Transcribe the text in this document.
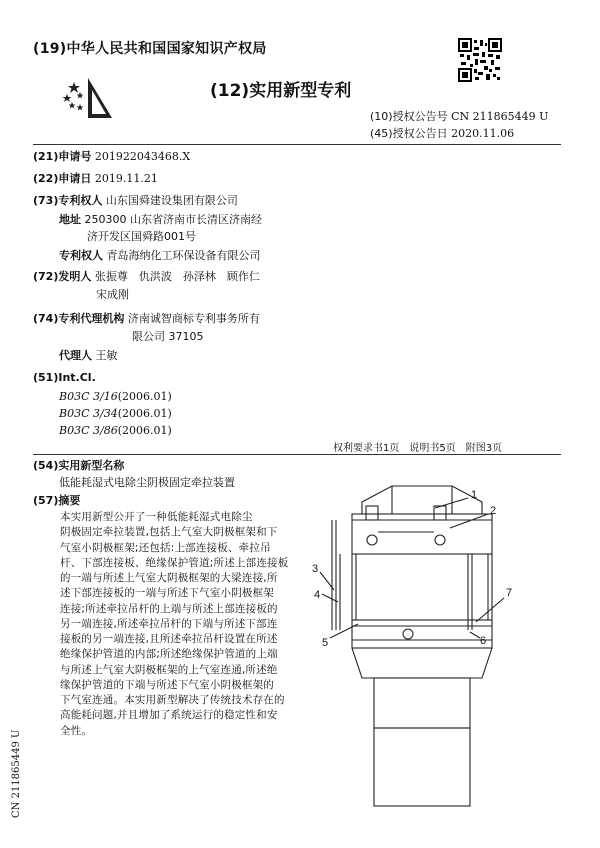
(19)中华人民共和国国家知识产权局
(12)实用新型专利
(10)授权公告号 CN 211865449 U
(45)授权公告日 2020.11.06
(21)申请号 201922043468.X
(22)申请日 2019.11.21
(73)专利权人 山东国舜建设集团有限公司
地址 250300 山东省济南市长清区济南经
济开发区国舜路001号
专利权人 青岛海纳化工环保设备有限公司
(72)发明人 张振尊　仇洪波　孙泽林　顾作仁
宋成刚
(74)专利代理机构 济南诚智商标专利事务所有
限公司 37105
代理人 王敏
(51)Int.Cl.
B03C 3/16(2006.01)
B03C 3/34(2006.01)
B03C 3/86(2006.01)
权利要求书1页　说明书5页　附图3页
(54)实用新型名称
低能耗湿式电除尘阴极固定牵拉装置
(57)摘要
本实用新型公开了一种低能耗湿式电除尘
阴极固定牵拉装置,包括上气室大阴极框架和下
气室小阴极框架;还包括:上部连接板、牵拉吊
杆、下部连接板、绝缘保护管道;所述上部连接板
的一端与所述上气室大阴极框架的大梁连接,所
述下部连接板的一端与所述下气室小阴极框架
连接;所述牵拉吊杆的上端与所述上部连接板的
另一端连接,所述牵拉吊杆的下端与所述下部连
接板的另一端连接,且所述牵拉吊杆设置在所述
绝缘保护管道的内部;所述绝缘保护管道的上端
与所述上气室大阴极框架的上气室连通,所述绝
缘保护管道的下端与所述下气室小阴极框架的
下气室连通。本实用新型解决了传统技术存在的
高能耗问题,并且增加了系统运行的稳定性和安
全性。
1
2
3
4
5	6
7
CN 211865449 U
